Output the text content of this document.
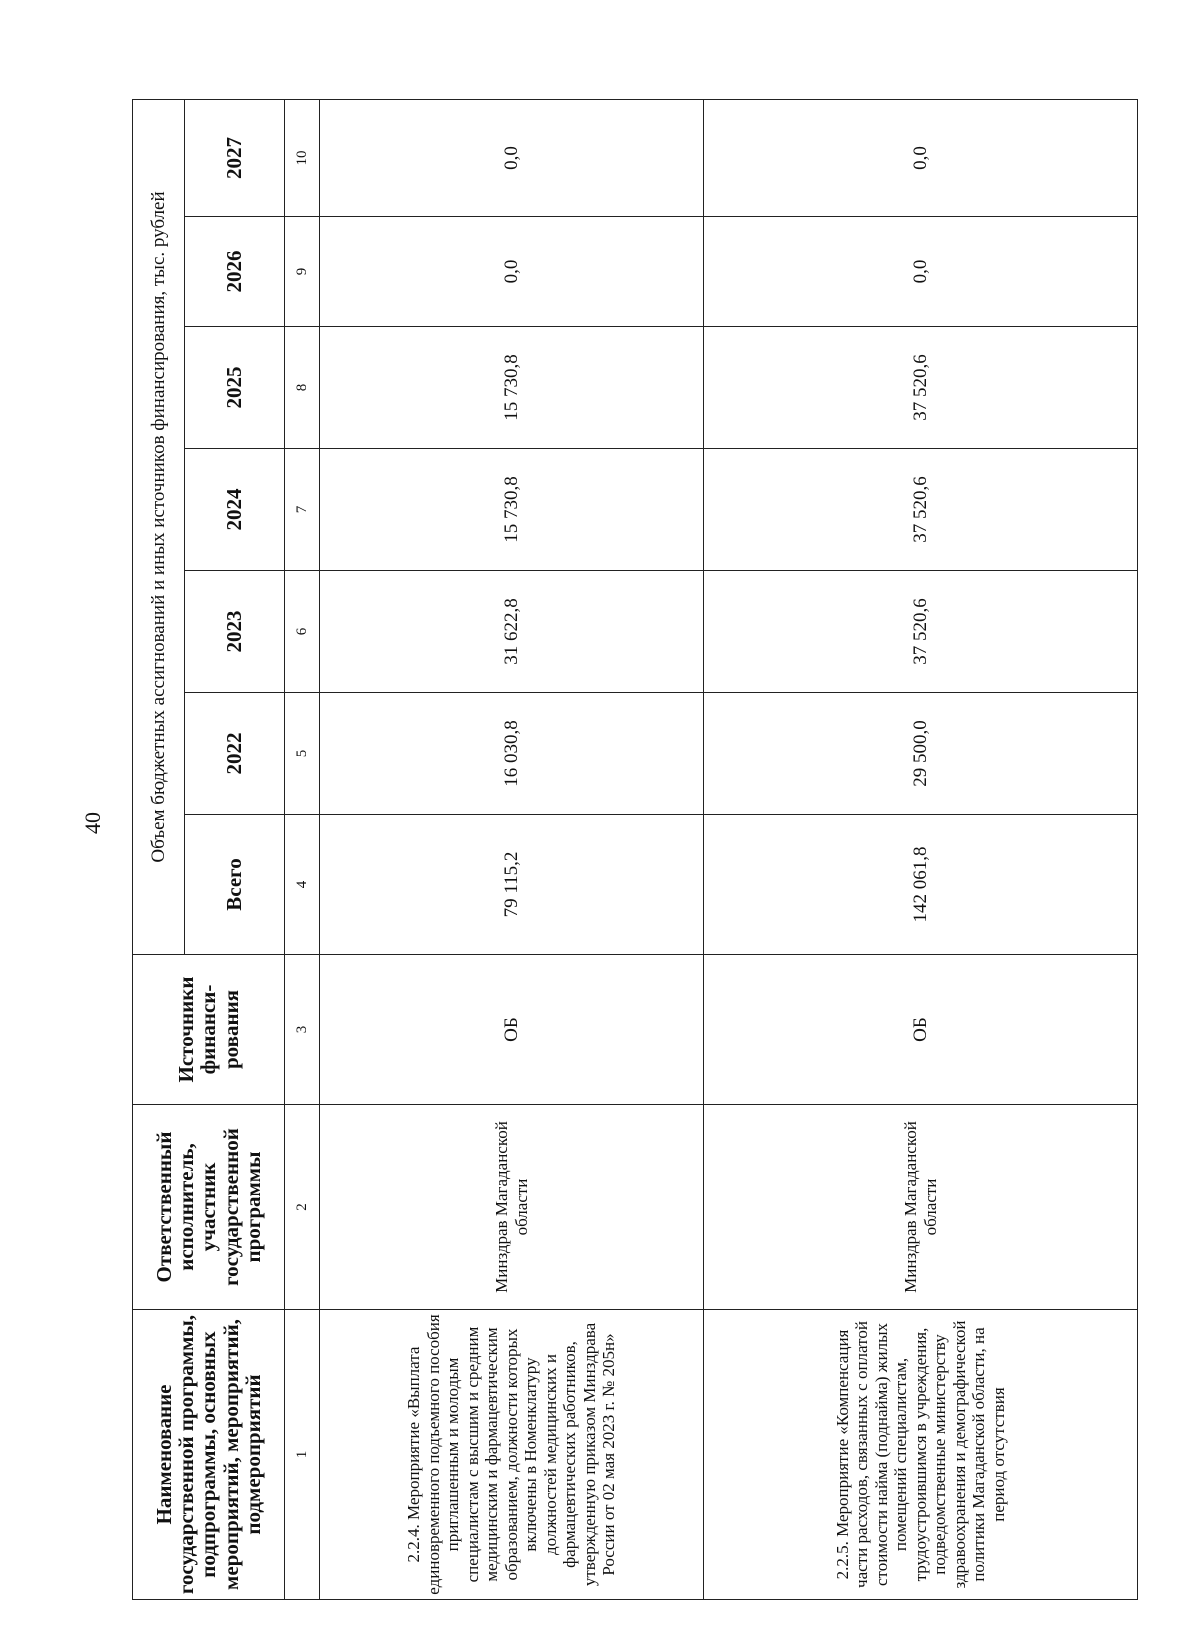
40
Наименование государственной программы, подпрограммы, основных мероприятий, мероприятий, подмероприятий	Ответственный исполнитель, участник государственной программы	Источники финанси-рования	Объем бюджетных ассигнований и иных источников финансирования, тыс. рублей						
			Всего	2022	2023	2024	2025	2026	2027
1	2	3	4	5	6	7	8	9	10
2.2.4. Мероприятие «Выплата единовременного подъемного пособия приглашенным и молодым специалистам с высшим и средним медицинским и фармацевтическим образованием, должности которых включены в Номенклатуру должностей медицинских и фармацевтических работников, утвержденную приказом Минздрава России от 02 мая 2023 г. № 205н»	Минздрав Магаданской области	ОБ	79 115,2	16 030,8	31 622,8	15 730,8	15 730,8	0,0	0,0
2.2.5. Мероприятие «Компенсация части расходов, связанных с оплатой стоимости найма (поднайма) жилых помещений специалистам, трудоустроившимся в учреждения, подведомственные министерству здравоохранения и демографической политики Магаданской области, на период отсутствия	Минздрав Магаданской области	ОБ	142 061,8	29 500,0	37 520,6	37 520,6	37 520,6	0,0	0,0
